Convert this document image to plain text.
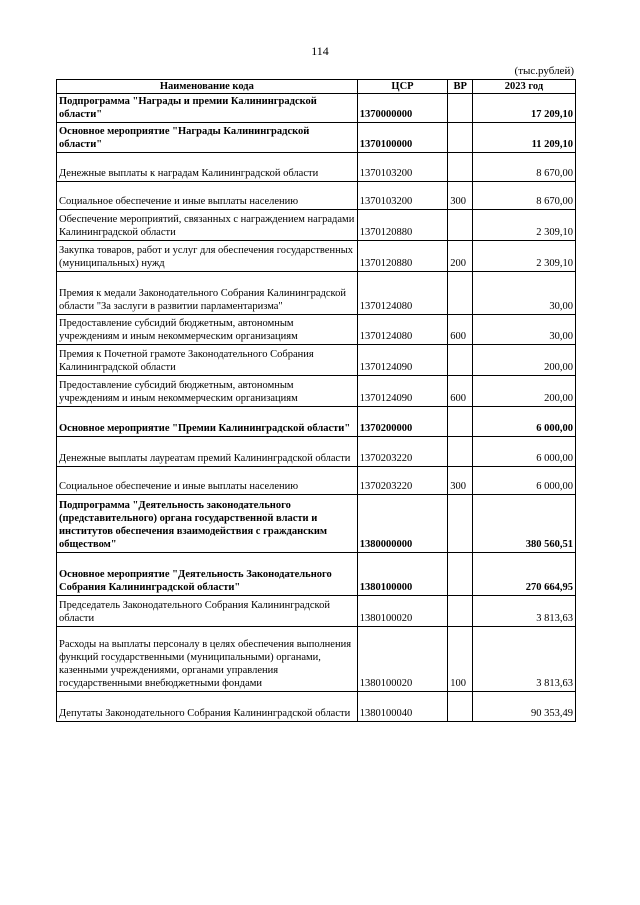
114
(тыс.рублей)
Наименование кода	ЦСР	ВР	2023 год
Подпрограмма "Награды и премии Калининградской области"	1370000000		17 209,10
Основное мероприятие "Награды Калининградской области"	1370100000		11 209,10
Денежные выплаты к наградам Калининградской области	1370103200		8 670,00
Социальное обеспечение и иные выплаты населению	1370103200	300	8 670,00
Обеспечение мероприятий, связанных с награждением наградами Калининградской области	1370120880		2 309,10
Закупка товаров, работ и услуг для обеспечения государственных (муниципальных) нужд	1370120880	200	2 309,10
Премия к медали Законодательного Собрания Калининградской области "За заслуги в развитии парламентаризма"	1370124080		30,00
Предоставление субсидий бюджетным, автономным учреждениям и иным некоммерческим организациям	1370124080	600	30,00
Премия к Почетной грамоте Законодательного Собрания Калининградской области	1370124090		200,00
Предоставление субсидий бюджетным, автономным учреждениям и иным некоммерческим организациям	1370124090	600	200,00
Основное мероприятие "Премии Калининградской области"	1370200000		6 000,00
Денежные выплаты лауреатам премий Калининградской области	1370203220		6 000,00
Социальное обеспечение и иные выплаты населению	1370203220	300	6 000,00
Подпрограмма "Деятельность законодательного (представительного) органа государственной власти и институтов обеспечения взаимодействия с гражданским обществом"	1380000000		380 560,51
Основное мероприятие "Деятельность Законодательного Собрания Калининградской области"	1380100000		270 664,95
Председатель Законодательного Собрания Калининградской области	1380100020		3 813,63
Расходы на выплаты персоналу в целях обеспечения выполнения функций государственными (муниципальными) органами, казенными учреждениями, органами управления государственными внебюджетными фондами	1380100020	100	3 813,63
Депутаты Законодательного Собрания Калининградской области	1380100040		90 353,49
